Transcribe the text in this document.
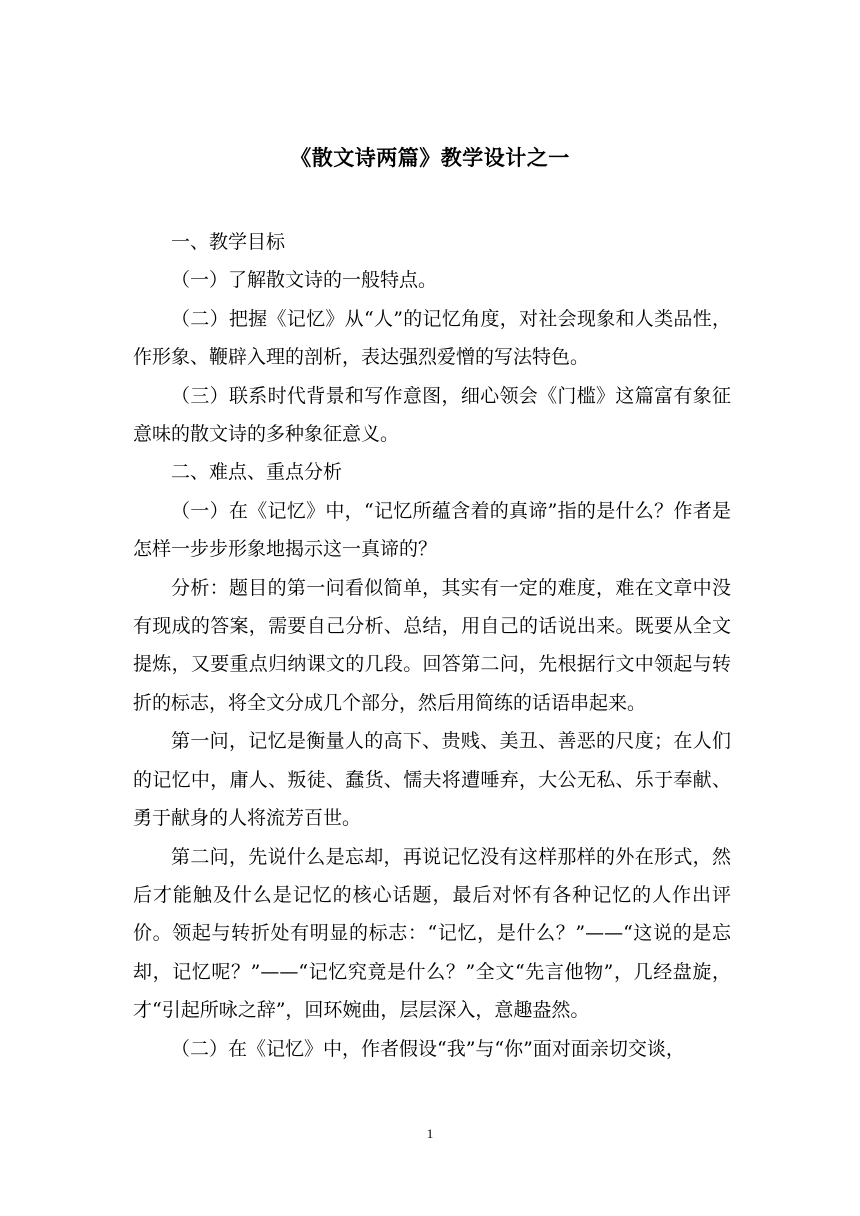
《散文诗两篇》教学设计之一

一、教学目标

（一）了解散文诗的一般特点。

（二）把握《记忆》从“人”的记忆角度，对社会现象和人类品性，作形象、鞭辟入理的剖析，表达强烈爱憎的写法特色。

（三）联系时代背景和写作意图，细心领会《门槛》这篇富有象征意味的散文诗的多种象征意义。

二、难点、重点分析

（一）在《记忆》中，“记忆所蕴含着的真谛”指的是什么？作者是怎样一步步形象地揭示这一真谛的？

分析：题目的第一问看似简单，其实有一定的难度，难在文章中没有现成的答案，需要自己分析、总结，用自己的话说出来。既要从全文提炼，又要重点归纳课文的几段。回答第二问，先根据行文中领起与转折的标志，将全文分成几个部分，然后用简练的话语串起来。

第一问，记忆是衡量人的高下、贵贱、美丑、善恶的尺度；在人们的记忆中，庸人、叛徒、蠢货、懦夫将遭唾弃，大公无私、乐于奉献、勇于献身的人将流芳百世。

第二问，先说什么是忘却，再说记忆没有这样那样的外在形式，然后才能触及什么是记忆的核心话题，最后对怀有各种记忆的人作出评价。领起与转折处有明显的标志：“记忆，是什么？”——“这说的是忘却，记忆呢？”——“记忆究竟是什么？”全文“先言他物”，几经盘旋，才“引起所咏之辞”，回环婉曲，层层深入，意趣盎然。

（二）在《记忆》中，作者假设“我”与“你”面对面亲切交谈，

1
